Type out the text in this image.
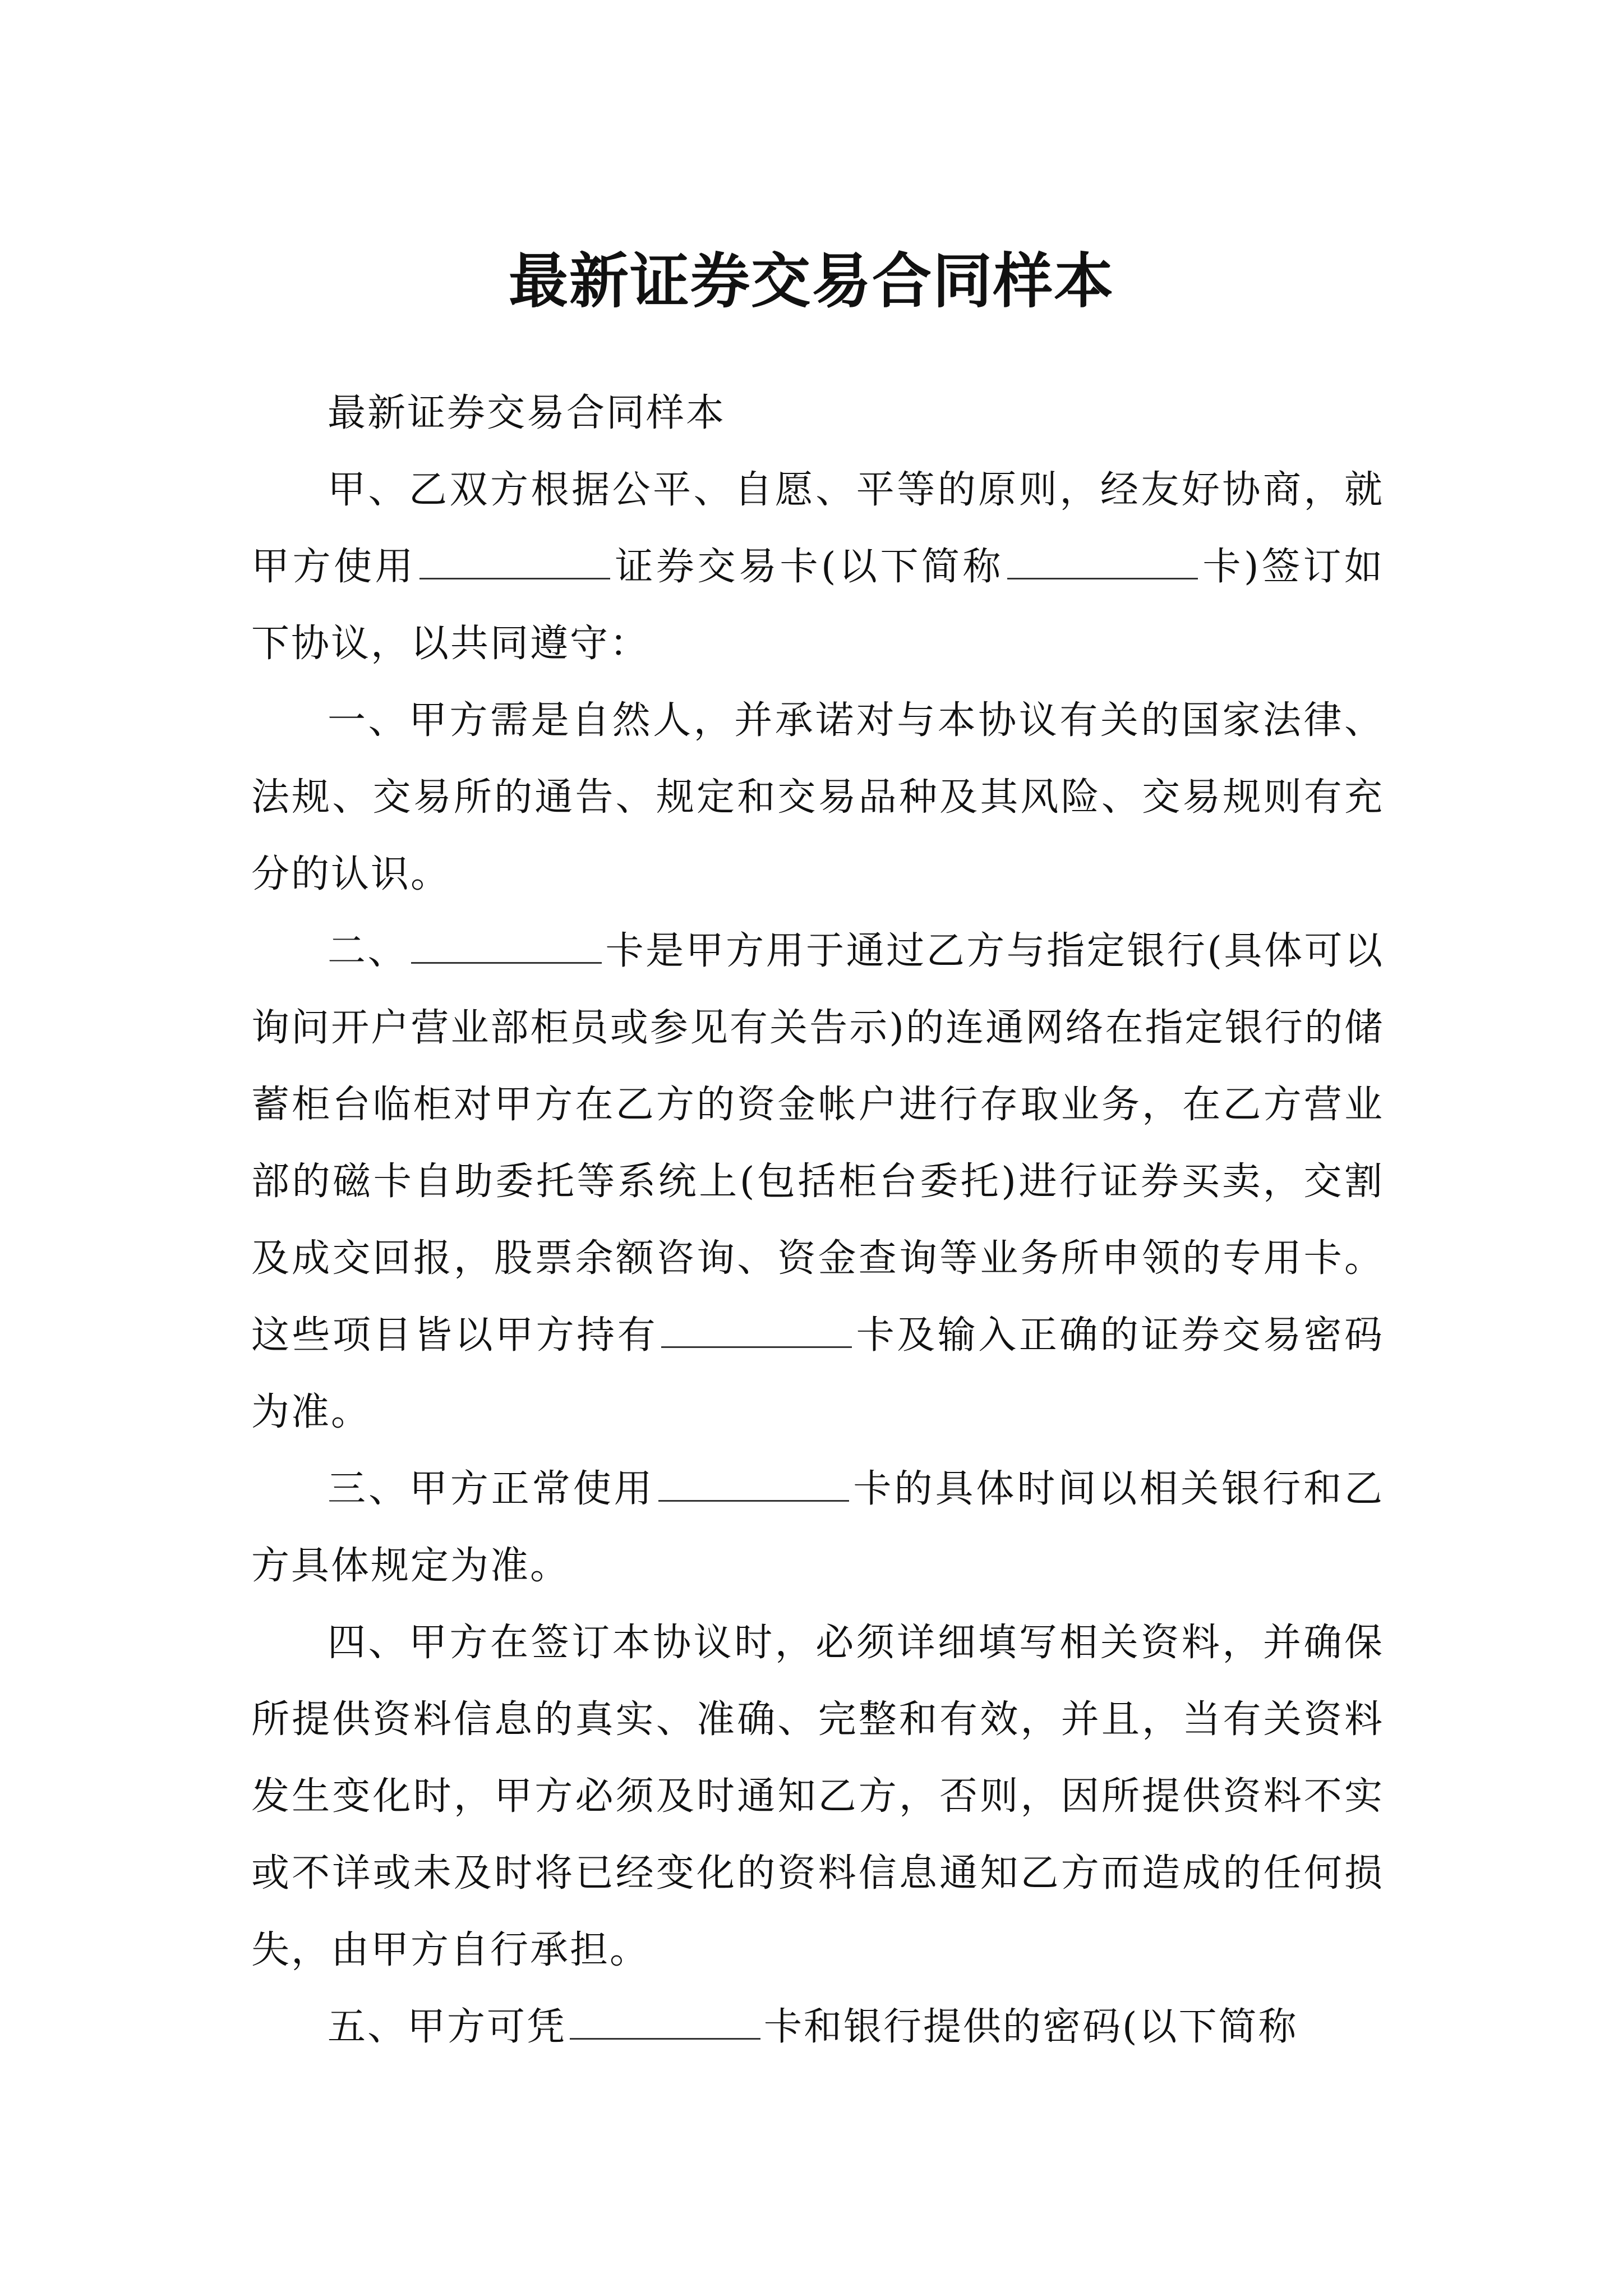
最新证券交易合同样本

最新证券交易合同样本

甲、乙双方根据公平、自愿、平等的原则，经友好协商，就甲方使用	证券交易卡(以下简称	卡)签订如下协议，以共同遵守：

一、甲方需是自然人，并承诺对与本协议有关的国家法律、法规、交易所的通告、规定和交易品种及其风险、交易规则有充分的认识。

二、	卡是甲方用于通过乙方与指定银行(具体可以询问开户营业部柜员或参见有关告示)的连通网络在指定银行的储蓄柜台临柜对甲方在乙方的资金帐户进行存取业务，在乙方营业部的磁卡自助委托等系统上(包括柜台委托)进行证券买卖，交割及成交回报，股票余额咨询、资金查询等业务所申领的专用卡。这些项目皆以甲方持有	卡及输入正确的证券交易密码为准。

三、甲方正常使用	卡的具体时间以相关银行和乙方具体规定为准。

四、甲方在签订本协议时，必须详细填写相关资料，并确保所提供资料信息的真实、准确、完整和有效，并且，当有关资料发生变化时，甲方必须及时通知乙方，否则，因所提供资料不实或不详或未及时将已经变化的资料信息通知乙方而造成的任何损失，由甲方自行承担。

五、甲方可凭	卡和银行提供的密码(以下简称
